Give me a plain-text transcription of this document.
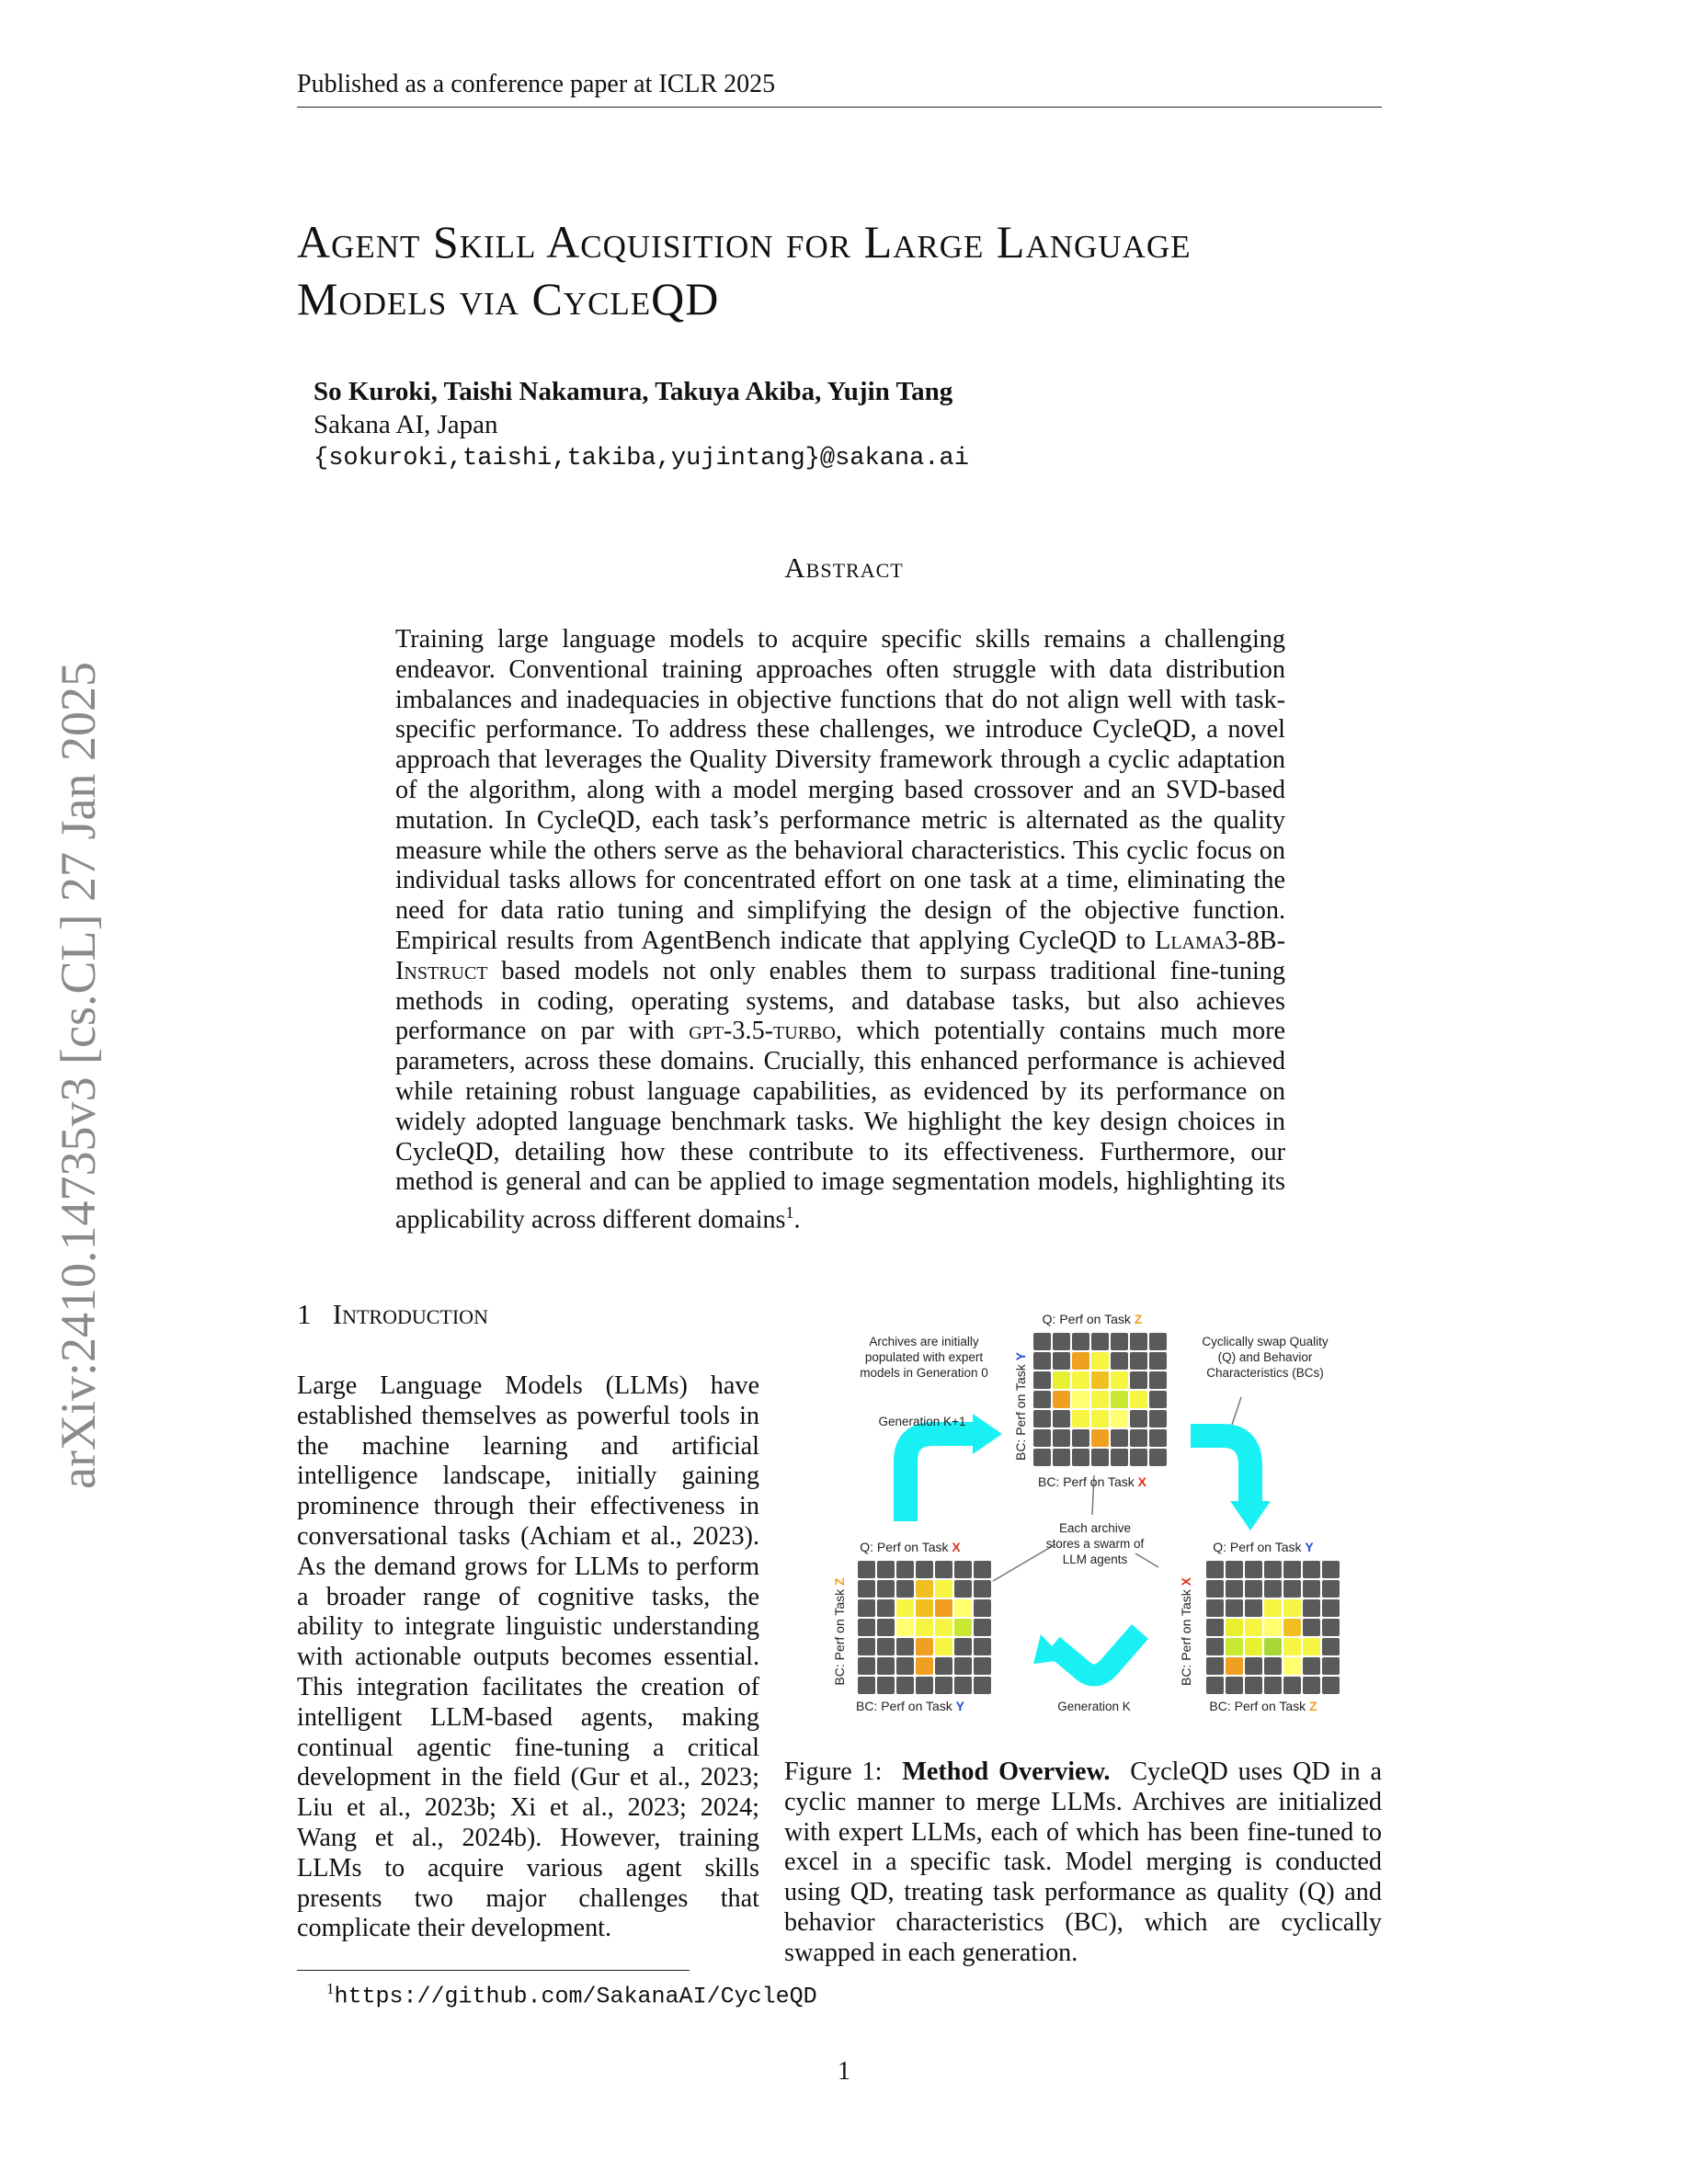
Published as a conference paper at ICLR 2025
arXiv:2410.14735v3 [cs.CL] 27 Jan 2025
Agent Skill Acquisition for Large Language
Models via CycleQD
So Kuroki, Taishi Nakamura, Takuya Akiba, Yujin Tang
Sakana AI, Japan
{sokuroki,taishi,takiba,yujintang}@sakana.ai
Abstract
Training large language models to acquire specific skills remains a challenging endeavor. Conventional training approaches often struggle with data distribution imbalances and inadequacies in objective functions that do not align well with task-specific performance. To address these challenges, we introduce CycleQD, a novel approach that leverages the Quality Diversity framework through a cyclic adaptation of the algorithm, along with a model merging based crossover and an SVD-based mutation. In CycleQD, each task’s performance metric is alternated as the quality measure while the others serve as the behavioral characteristics. This cyclic focus on individual tasks allows for concentrated effort on one task at a time, eliminating the need for data ratio tuning and simplifying the design of the objective function. Empirical results from AgentBench indicate that applying CycleQD to Llama3-8B-Instruct based models not only enables them to surpass traditional fine-tuning methods in coding, operating systems, and database tasks, but also achieves performance on par with gpt-3.5-turbo, which potentially contains much more parameters, across these domains. Crucially, this enhanced performance is achieved while retaining robust language capabilities, as evidenced by its performance on widely adopted language benchmark tasks. We highlight the key design choices in CycleQD, detailing how these contribute to its effectiveness. Furthermore, our method is general and can be applied to image segmentation models, highlighting its applicability across different domains$^1$.
1 Introduction
Large Language Models (LLMs) have established themselves as powerful tools in the machine learning and artificial intelligence landscape, initially gaining prominence through their effectiveness in conversational tasks (Achiam et al., 2023). As the demand grows for LLMs to perform a broader range of cognitive tasks, the ability to integrate linguistic understanding with actionable outputs becomes essential. This integration facilitates the creation of intelligent LLM-based agents, making continual agentic fine-tuning a critical development in the field (Gur et al., 2023; Liu et al., 2023b; Xi et al., 2023; 2024; Wang et al., 2024b). However, training LLMs to acquire various agent skills presents two major challenges that complicate their development.
Q: Perf on Task Z
BC: Perf on Task X
BC: Perf on Task Y
Q: Perf on Task X
BC: Perf on Task Y
BC: Perf on Task Z
Q: Perf on Task Y
BC: Perf on Task Z
BC: Perf on Task X
Archives are initially populated with expert models in Generation 0
Cyclically swap Quality (Q) and Behavior Characteristics (BCs)
Each archive stores a swarm of LLM agents
Generation K+1
Generation K
Figure 1: Method Overview. CycleQD uses QD in a cyclic manner to merge LLMs. Archives are initialized with expert LLMs, each of which has been fine-tuned to excel in a specific task. Model merging is conducted using QD, treating task performance as quality (Q) and behavior characteristics (BC), which are cyclically swapped in each generation.
$^1$https://github.com/SakanaAI/CycleQD
1
